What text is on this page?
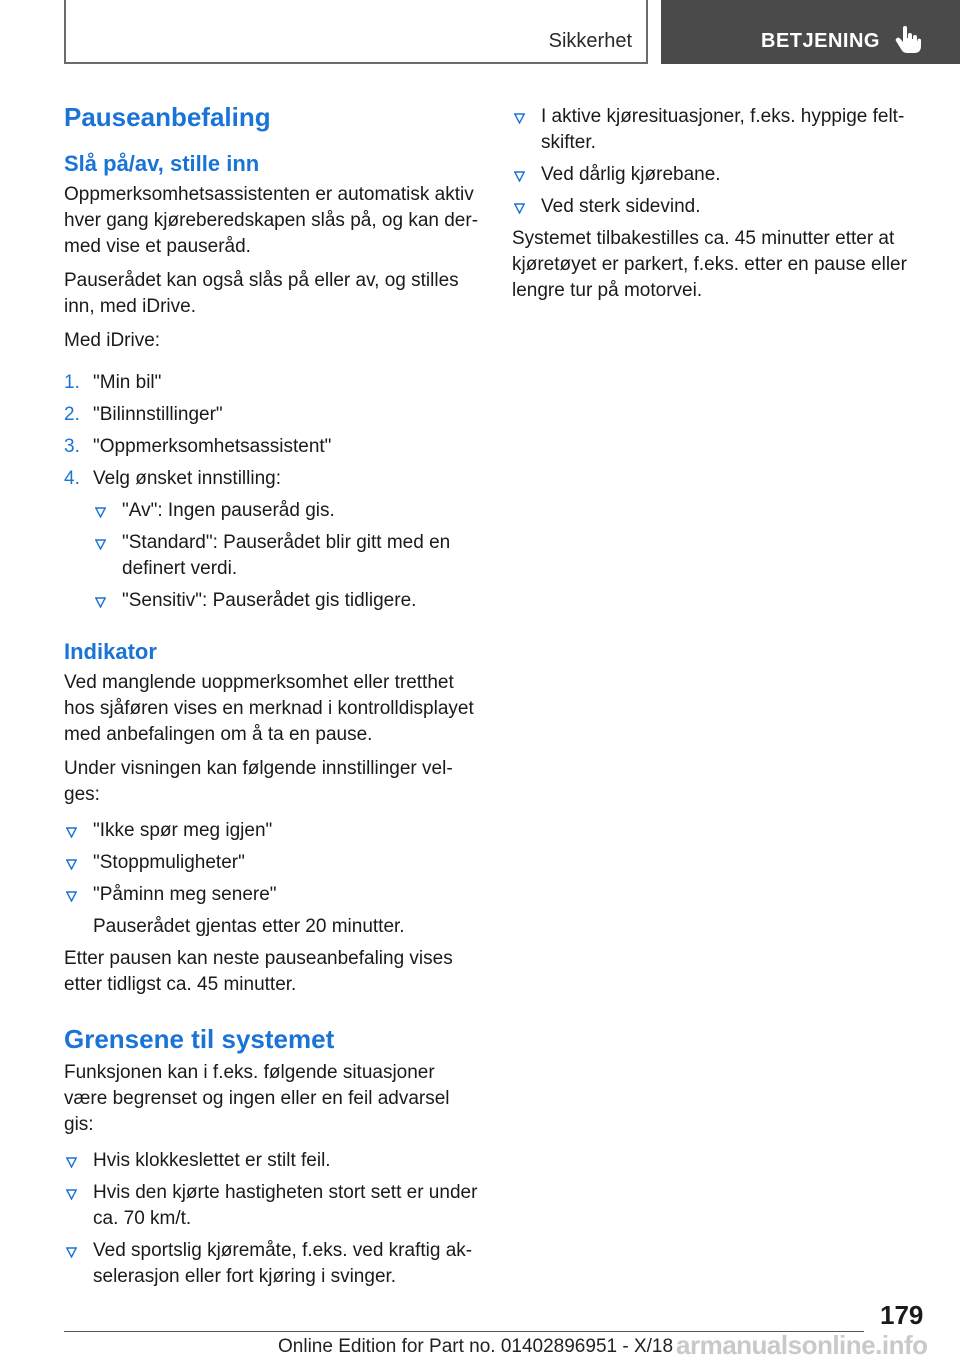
Sikkerhet	BETJENING
Pauseanbefaling
Slå på/av, stille inn

Oppmerksomhetsassistenten er automatisk aktiv hver gang kjøreberedskapen slås på, og kan dermed vise et pauseråd.

Pauserådet kan også slås på eller av, og stilles inn, med iDrive.

Med iDrive:

1. "Min bil"
2. "Bilinnstillinger"
3. "Oppmerksomhetsassistent"
4. Velg ønsket innstilling:
"Av": Ingen pauseråd gis.
"Standard": Pauserådet blir gitt med en definert verdi.
"Sensitiv": Pauserådet gis tidligere.
Indikator

Ved manglende uoppmerksomhet eller tretthet hos sjåføren vises en merknad i kontrolldisplayet med anbefalingen om å ta en pause.

Under visningen kan følgende innstillinger velges:

"Ikke spør meg igjen"
"Stoppmuligheter"
"Påminn meg senere"
Pauserådet gjentas etter 20 minutter.

Etter pausen kan neste pauseanbefaling vises etter tidligst ca. 45 minutter.

Grensene til systemet

Funksjonen kan i f.eks. følgende situasjoner være begrenset og ingen eller en feil advarsel gis:

Hvis klokkeslettet er stilt feil.
Hvis den kjørte hastigheten stort sett er under ca. 70 km/t.
Ved sportslig kjøremåte, f.eks. ved kraftig akselerasjon eller fort kjøring i svinger.
I aktive kjøresituasjoner, f.eks. hyppige feltskifter.
Ved dårlig kjørebane.
Ved sterk sidevind.

Systemet tilbakestilles ca. 45 minutter etter at kjøretøyet er parkert, f.eks. etter en pause eller lengre tur på motorvei.

179
Online Edition for Part no. 01402896951 - X/18 armanualsonline.info
